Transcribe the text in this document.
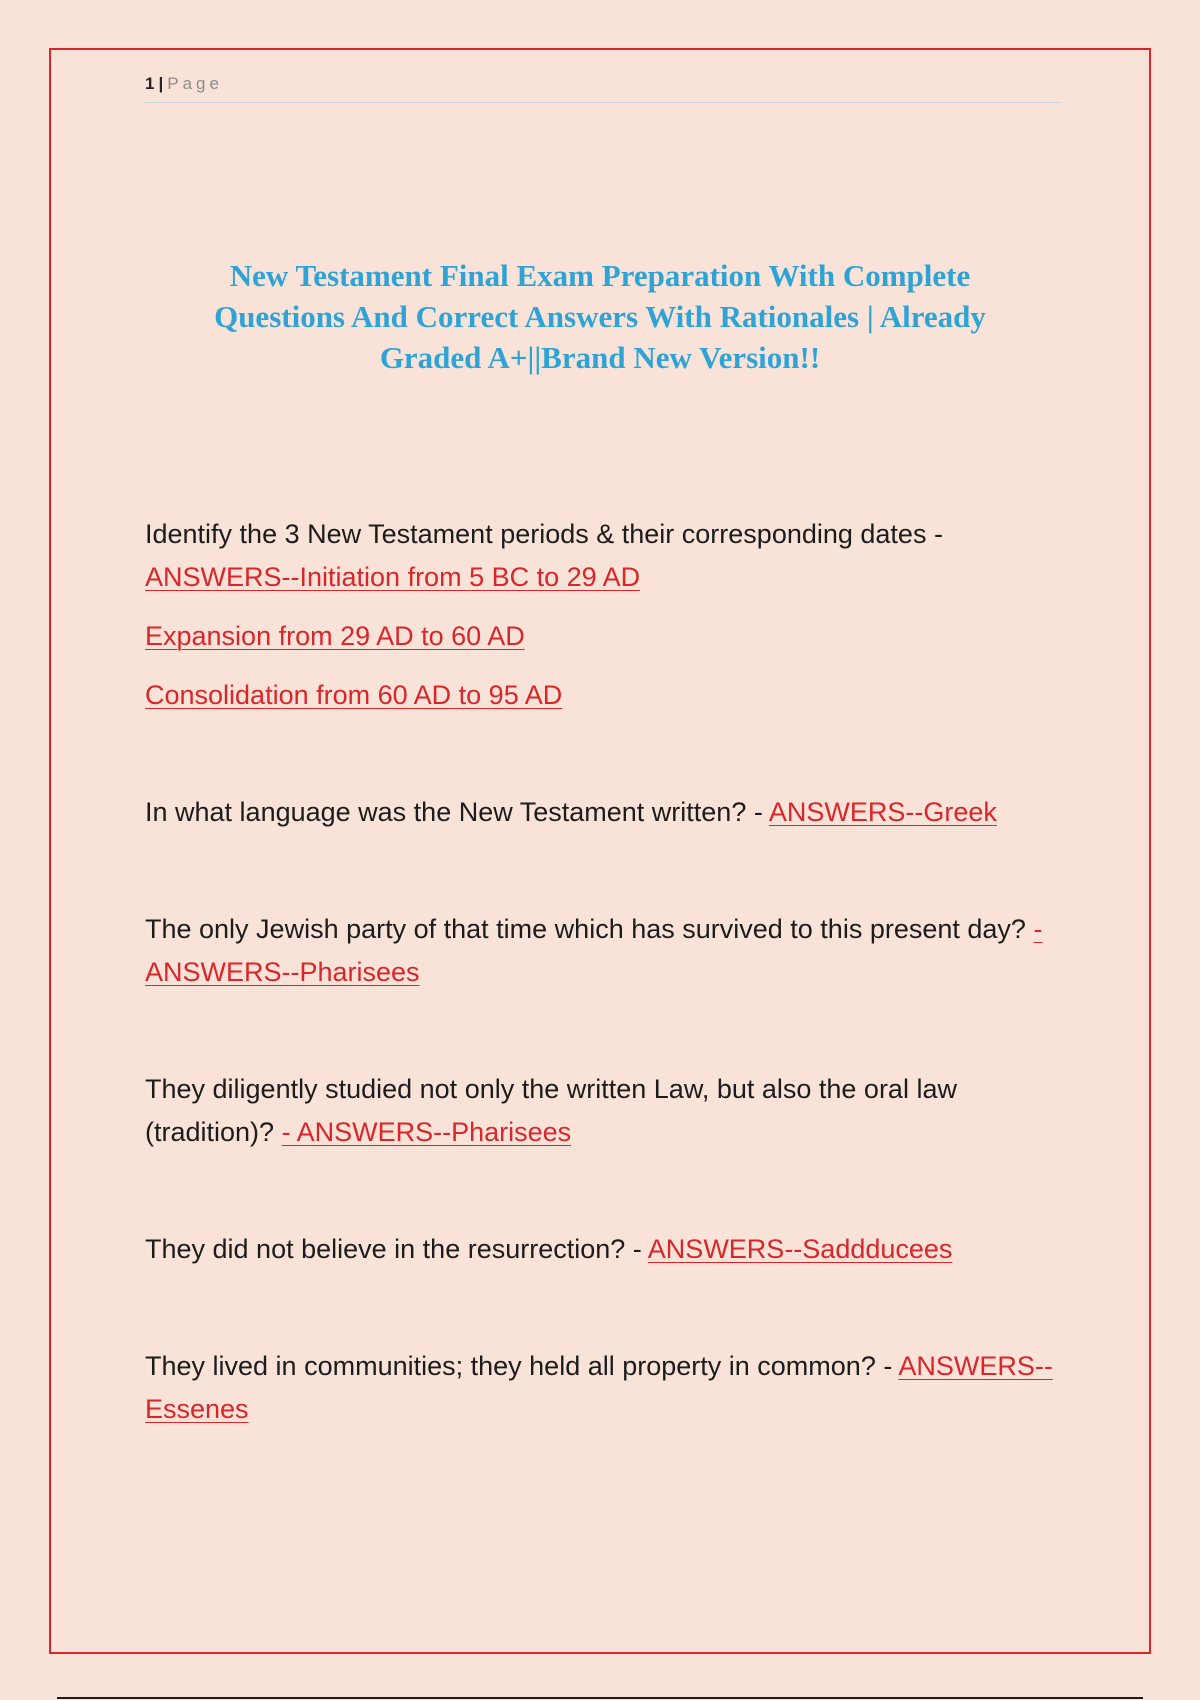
1 | Page
New Testament Final Exam Preparation With Complete Questions And Correct Answers With Rationales | Already Graded A+||Brand New Version!!
Identify the 3 New Testament periods & their corresponding dates - ANSWERS--Initiation from 5 BC to 29 AD

Expansion from 29 AD to 60 AD

Consolidation from 60 AD to 95 AD

In what language was the New Testament written? - ANSWERS--Greek
The only Jewish party of that time which has survived to this present day? - ANSWERS--Pharisees
They diligently studied not only the written Law, but also the oral law (tradition)? - ANSWERS--Pharisees
They did not believe in the resurrection? - ANSWERS--Saddducees
They lived in communities; they held all property in common? - ANSWERS--Essenes
